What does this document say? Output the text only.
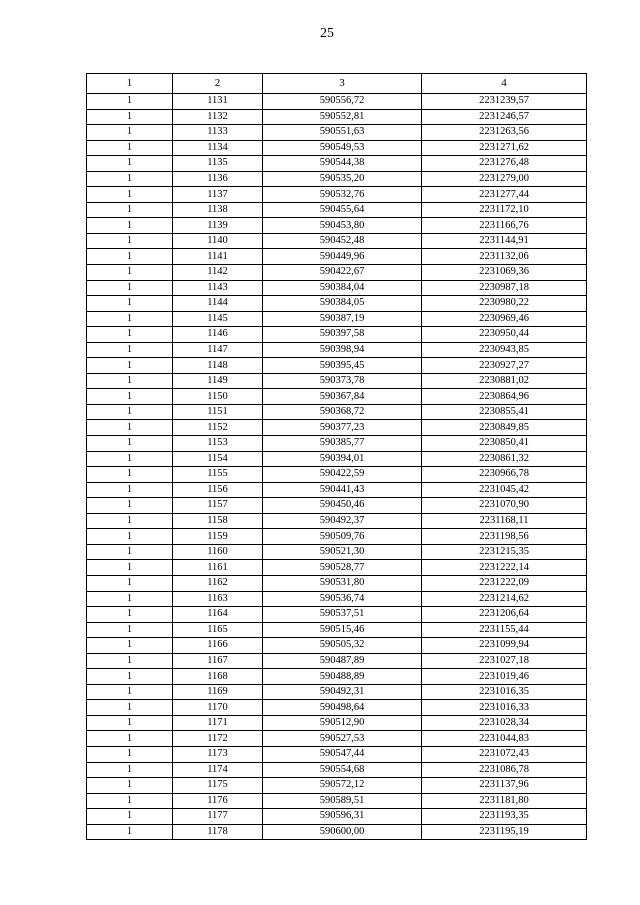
25
1	2	3	4
1	1131	590556,72	2231239,57
1	1132	590552,81	2231246,57
1	1133	590551,63	2231263,56
1	1134	590549,53	2231271,62
1	1135	590544,38	2231276,48
1	1136	590535,20	2231279,00
1	1137	590532,76	2231277,44
1	1138	590455,64	2231172,10
1	1139	590453,80	2231166,76
1	1140	590452,48	2231144,91
1	1141	590449,96	2231132,06
1	1142	590422,67	2231069,36
1	1143	590384,04	2230987,18
1	1144	590384,05	2230980,22
1	1145	590387,19	2230969,46
1	1146	590397,58	2230950,44
1	1147	590398,94	2230943,85
1	1148	590395,45	2230927,27
1	1149	590373,78	2230881,02
1	1150	590367,84	2230864,96
1	1151	590368,72	2230855,41
1	1152	590377,23	2230849,85
1	1153	590385,77	2230850,41
1	1154	590394,01	2230861,32
1	1155	590422,59	2230966,78
1	1156	590441,43	2231045,42
1	1157	590450,46	2231070,90
1	1158	590492,37	2231168,11
1	1159	590509,76	2231198,56
1	1160	590521,30	2231215,35
1	1161	590528,77	2231222,14
1	1162	590531,80	2231222,09
1	1163	590536,74	2231214,62
1	1164	590537,51	2231206,64
1	1165	590515,46	2231155,44
1	1166	590505,32	2231099,94
1	1167	590487,89	2231027,18
1	1168	590488,89	2231019,46
1	1169	590492,31	2231016,35
1	1170	590498,64	2231016,33
1	1171	590512,90	2231028,34
1	1172	590527,53	2231044,83
1	1173	590547,44	2231072,43
1	1174	590554,68	2231086,78
1	1175	590572,12	2231137,96
1	1176	590589,51	2231181,80
1	1177	590596,31	2231193,35
1	1178	590600,00	2231195,19
